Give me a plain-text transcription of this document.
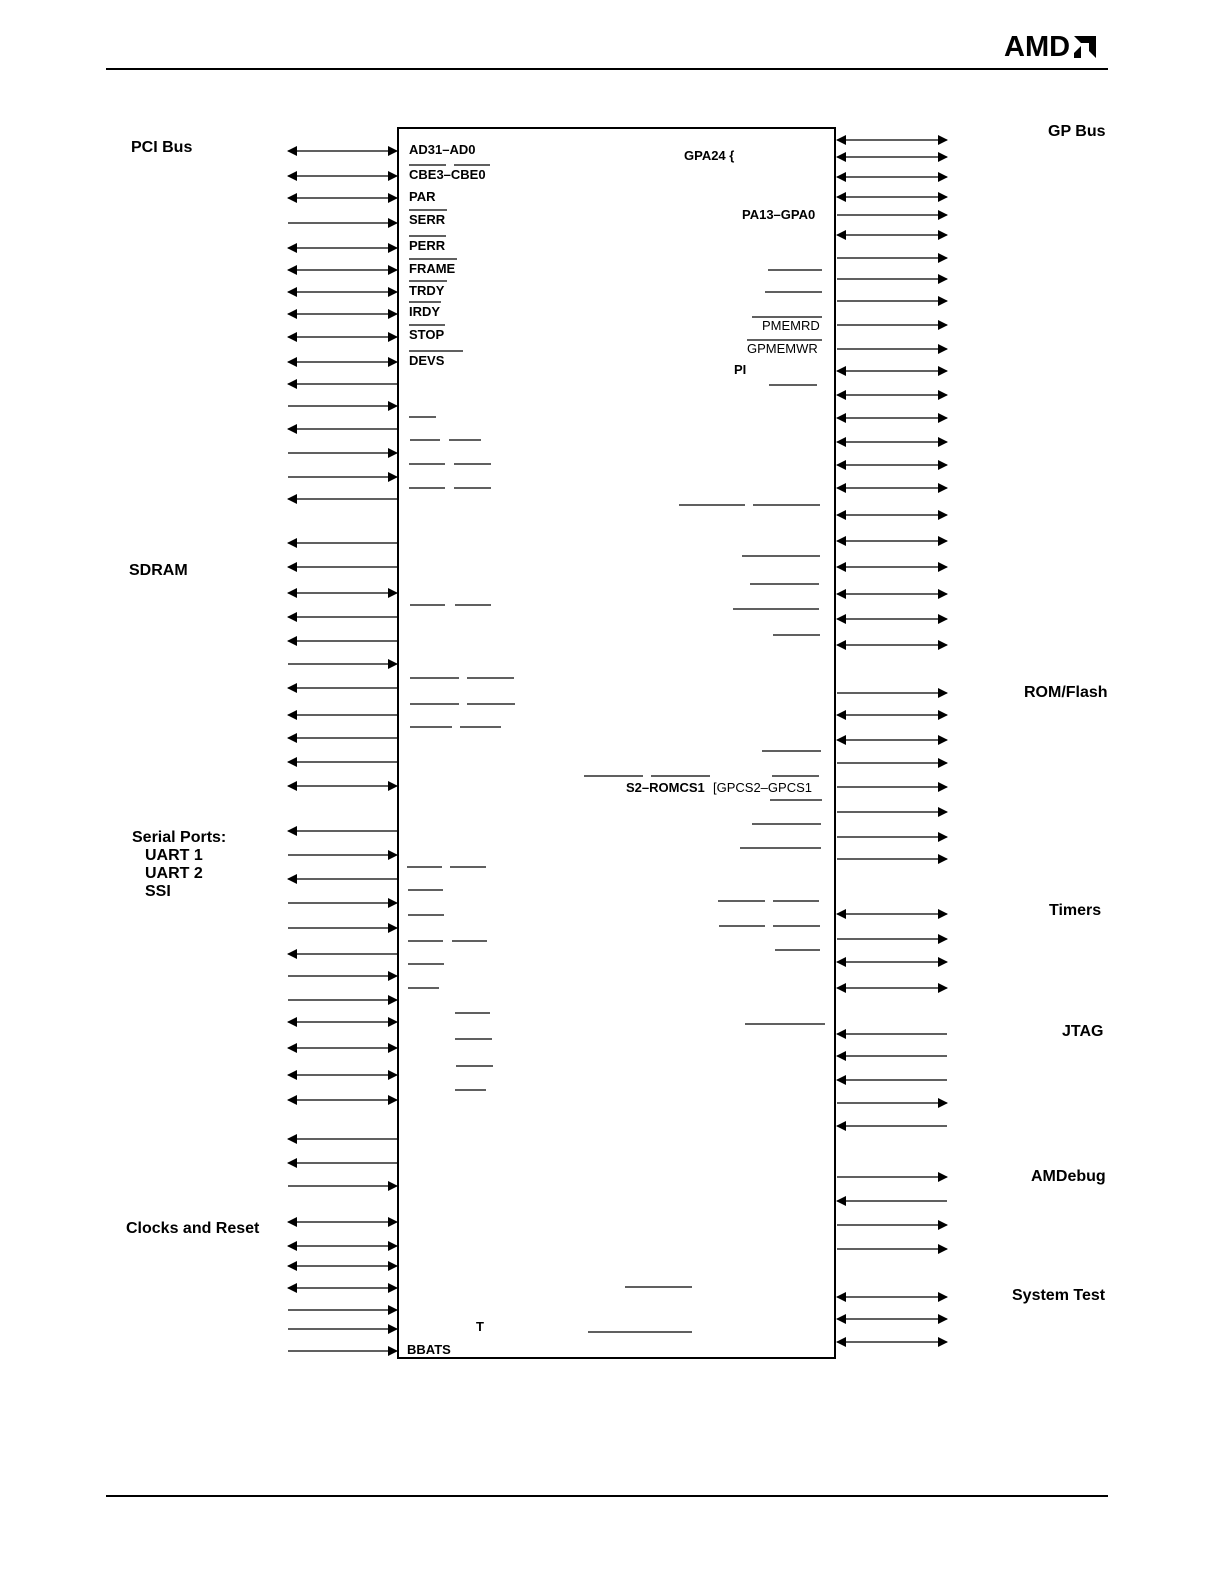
AMD
PCI Bus
SDRAM
Serial Ports:
UART 1
UART 2
SSI
Clocks and Reset
GP Bus
ROM/Flash
Timers
JTAG
AMDebug
System Test
AD31–AD0
CBE3–CBE0
PAR
SERR
PERR
FRAME
TRDY
IRDY
STOP
DEVS
T
BBATS
GPA24 {
PA13–GPA0
PMEMRD
GPMEMWR
PI
S2–ROMCS1 [GPCS2–GPCS1
